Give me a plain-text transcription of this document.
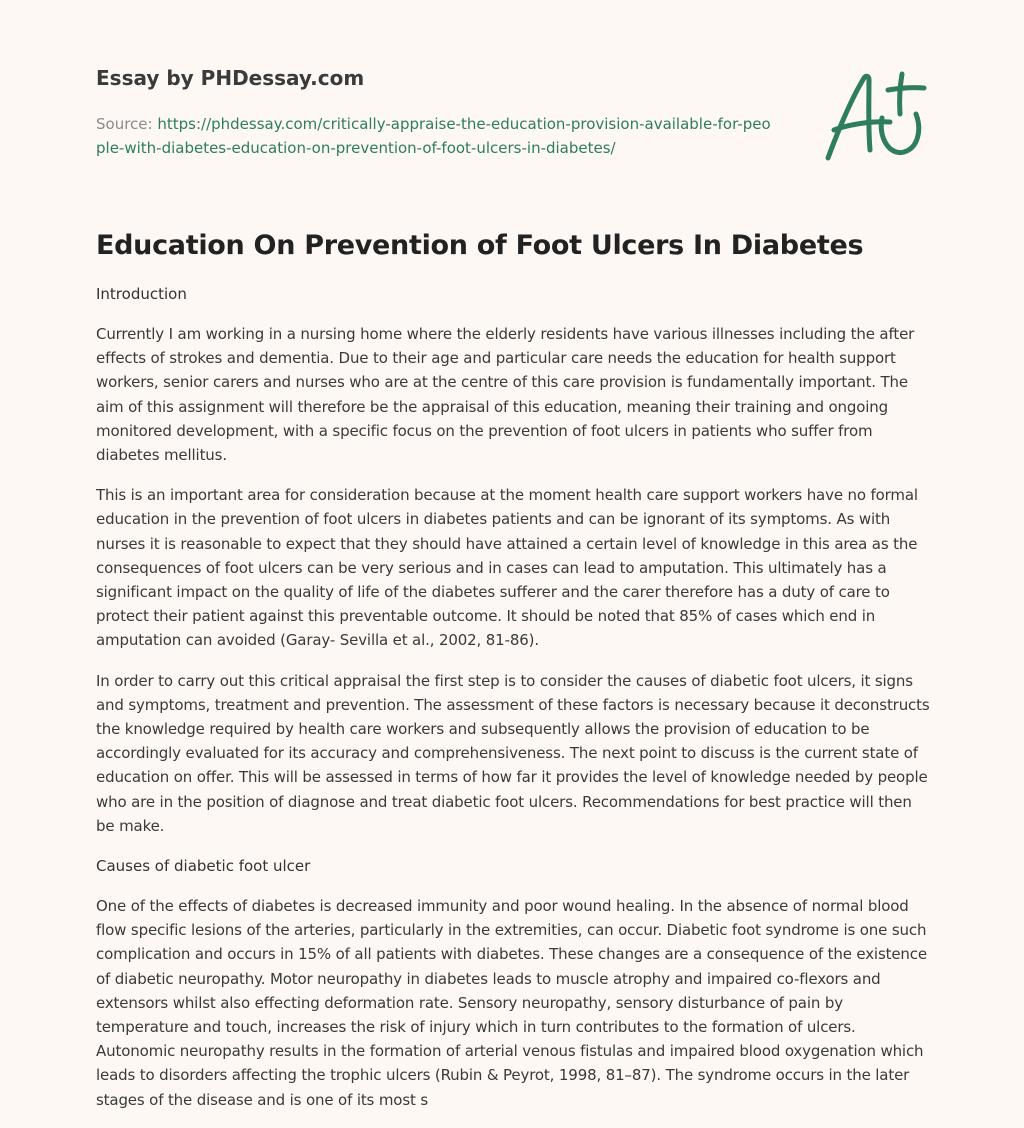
Essay by PHDessay.com
Source: https://phdessay.com/critically-appraise-the-education-provision-available-for-people-with-diabetes-education-on-prevention-of-foot-ulcers-in-diabetes/
Education On Prevention of Foot Ulcers In Diabetes

Introduction

Currently I am working in a nursing home where the elderly residents have various illnesses including the after effects of strokes and dementia. Due to their age and particular care needs the education for health support workers, senior carers and nurses who are at the centre of this care provision is fundamentally important. The aim of this assignment will therefore be the appraisal of this education, meaning their training and ongoing monitored development, with a specific focus on the prevention of foot ulcers in patients who suffer from diabetes mellitus.

This is an important area for consideration because at the moment health care support workers have no formal education in the prevention of foot ulcers in diabetes patients and can be ignorant of its symptoms. As with nurses it is reasonable to expect that they should have attained a certain level of knowledge in this area as the consequences of foot ulcers can be very serious and in cases can lead to amputation. This ultimately has a significant impact on the quality of life of the diabetes sufferer and the carer therefore has a duty of care to protect their patient against this preventable outcome. It should be noted that 85% of cases which end in amputation can avoided (Garay- Sevilla et al., 2002, 81-86).

In order to carry out this critical appraisal the first step is to consider the causes of diabetic foot ulcers, it signs and symptoms, treatment and prevention. The assessment of these factors is necessary because it deconstructs the knowledge required by health care workers and subsequently allows the provision of education to be accordingly evaluated for its accuracy and comprehensiveness. The next point to discuss is the current state of education on offer. This will be assessed in terms of how far it provides the level of knowledge needed by people who are in the position of diagnose and treat diabetic foot ulcers. Recommendations for best practice will then be make.

Causes of diabetic foot ulcer

One of the effects of diabetes is decreased immunity and poor wound healing. In the absence of normal blood flow specific lesions of the arteries, particularly in the extremities, can occur. Diabetic foot syndrome is one such complication and occurs in 15% of all patients with diabetes. These changes are a consequence of the existence of diabetic neuropathy. Motor neuropathy in diabetes leads to muscle atrophy and impaired co-flexors and extensors whilst also effecting deformation rate. Sensory neuropathy, sensory disturbance of pain by temperature and touch, increases the risk of injury which in turn contributes to the formation of ulcers. Autonomic neuropathy results in the formation of arterial venous fistulas and impaired blood oxygenation which leads to disorders affecting the trophic ulcers (Rubin & Peyrot, 1998, 81–87). The syndrome occurs in the later stages of the disease and is one of its most s
